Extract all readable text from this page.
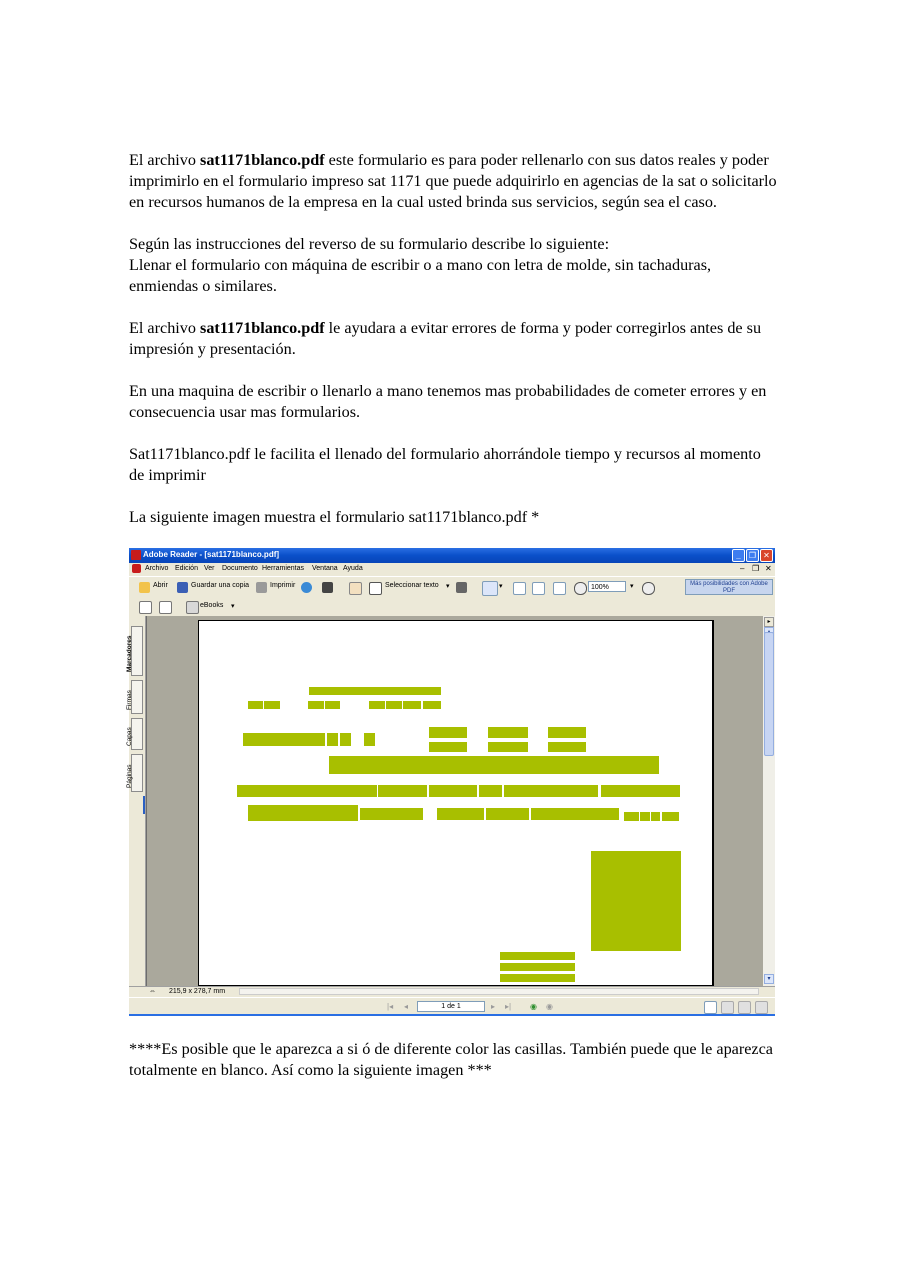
El archivo sat1171blanco.pdf este formulario es para poder rellenarlo con sus datos reales y poder imprimirlo en el formulario impreso sat 1171 que puede adquirirlo en agencias de la sat o solicitarlo en recursos humanos de la empresa en la cual usted brinda sus servicios, según sea el caso.

Según las instrucciones del reverso de su formulario describe lo siguiente:
Llenar el formulario con máquina de escribir o a mano con letra de molde, sin tachaduras, enmiendas o similares.

El archivo sat1171blanco.pdf le ayudara a evitar errores de forma y poder corregirlos antes de su impresión y presentación.

En una maquina de escribir o llenarlo a mano tenemos mas probabilidades de cometer errores y en consecuencia usar mas formularios.

Sat1171blanco.pdf le facilita el llenado del formulario ahorrándole tiempo y recursos al momento de imprimir

La siguiente imagen muestra el formulario sat1171blanco.pdf *

Adobe Reader - [sat1171blanco.pdf]	_	❐ ✕
Archivo Edición Ver Documento Herramientas Ventana Ayuda	– ❐ ✕
Abrir	Guardar una copia	Imprimir	Seleccionar texto ▾	▾	100%	▾	Más posibilidades con Adobe PDF
eBooks ▾
Marcadores
Firmas
Capas
Páginas
▸
▾
⇔ 215,9 x 278,7 mm
|◂ ◂	1 de 1	▸ ▸| ◉ ◉

****Es posible que le aparezca a si ó de diferente color las casillas. También puede que le aparezca totalmente en blanco. Así como la siguiente imagen ***
